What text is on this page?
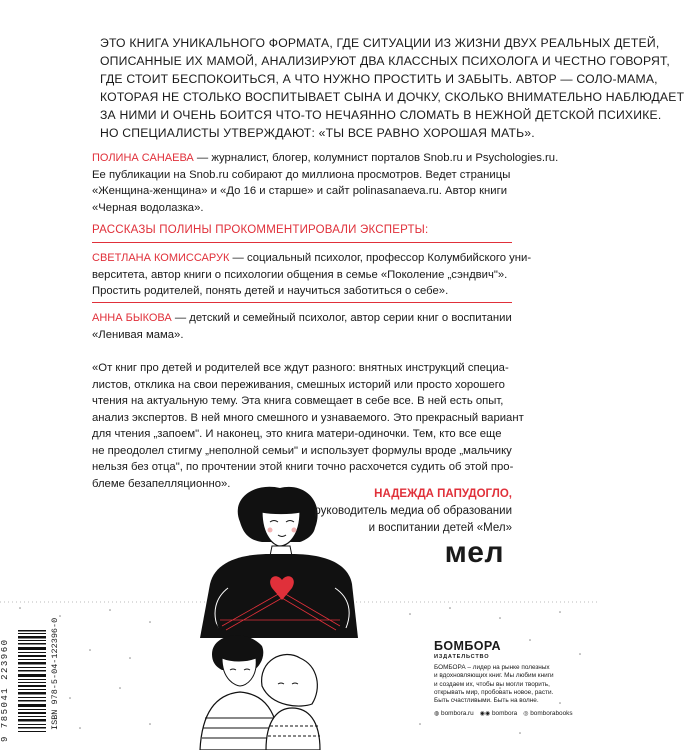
ЭТО КНИГА УНИКАЛЬНОГО ФОРМАТА, ГДЕ СИТУАЦИИ ИЗ ЖИЗНИ ДВУХ РЕАЛЬНЫХ ДЕТЕЙ,
ОПИСАННЫЕ ИХ МАМОЙ, АНАЛИЗИРУЮТ ДВА КЛАССНЫХ ПСИХОЛОГА И ЧЕСТНО ГОВОРЯТ,
ГДЕ СТОИТ БЕСПОКОИТЬСЯ, А ЧТО НУЖНО ПРОСТИТЬ И ЗАБЫТЬ. АВТОР — СОЛО-МАМА,
КОТОРАЯ НЕ СТОЛЬКО ВОСПИТЫВАЕТ СЫНА И ДОЧКУ, СКОЛЬКО ВНИМАТЕЛЬНО НАБЛЮДАЕТ
ЗА НИМИ И ОЧЕНЬ БОИТСЯ ЧТО-ТО НЕЧАЯННО СЛОМАТЬ В НЕЖНОЙ ДЕТСКОЙ ПСИХИКЕ.
НО СПЕЦИАЛИСТЫ УТВЕРЖДАЮТ: «ТЫ ВСЕ РАВНО ХОРОШАЯ МАТЬ».
ПОЛИНА САНАЕВА — журналист, блогер, колумнист порталов Snob.ru и Psychologies.ru.
Ее публикации на Snob.ru собирают до миллиона просмотров. Ведет страницы
«Женщина-женщина» и «До 16 и старше» и сайт polinasanaeva.ru. Автор книги
«Черная водолазка».
РАССКАЗЫ ПОЛИНЫ ПРОКОММЕНТИРОВАЛИ ЭКСПЕРТЫ:
СВЕТЛАНА КОМИССАРУК — социальный психолог, профессор Колумбийского уни-
верситета, автор книги о психологии общения в семье «Поколение „сэндвич"».
Простить родителей, понять детей и научиться заботиться о себе».
АННА БЫКОВА — детский и семейный психолог, автор серии книг о воспитании
«Ленивая мама».
«От книг про детей и родителей все ждут разного: внятных инструкций специа-
листов, отклика на свои переживания, смешных историй или просто хорошего
чтения на актуальную тему. Эта книга совмещает в себе все. В ней есть опыт,
анализ экспертов. В ней много смешного и узнаваемого. Это прекрасный вариант
для чтения „запоем". И наконец, это книга матери-одиночки. Тем, кто все еще
не преодолел стигму „неполной семьи" и использует формулы вроде „мальчику
нельзя без отца", по прочтении этой книги точно расхочется судить об этой про-
блеме безапелляционно».
НАДЕЖДА ПАПУДОГЛО,
руководитель медиа об образовании
и воспитании детей «Мел»
мел
9 785041 223960	ISBN 978-5-04-122396-0	БОМБОРА
ИЗДАТЕЛЬСТВО
БОМБОРА – лидер на рынке полезных
и вдохновляющих книг. Мы любим книги
и создаем их, чтобы вы могли творить,
открывать мир, пробовать новое, расти.
Быть счастливыми. Быть на волне.
◍ bombora.ru ◉◉ bombora ◎ bomborabooks
